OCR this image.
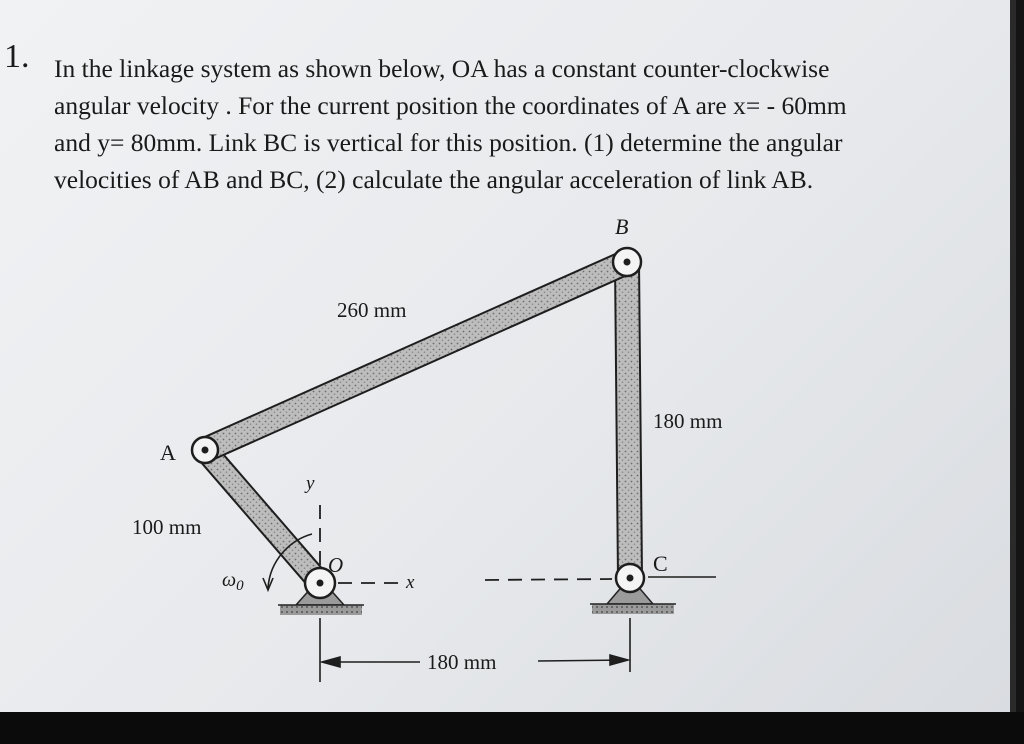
1. In the linkage system as shown below, OA has a constant counter-clockwise
angular velocity . For the current position the coordinates of A are x= - 60mm
and y= 80mm. Link BC is vertical for this position. (1) determine the angular
velocities of AB and BC, (2) calculate the angular acceleration of link AB.
B
A
C
O
y
x
$\omega_0$
260 mm
180 mm
100 mm
180 mm
